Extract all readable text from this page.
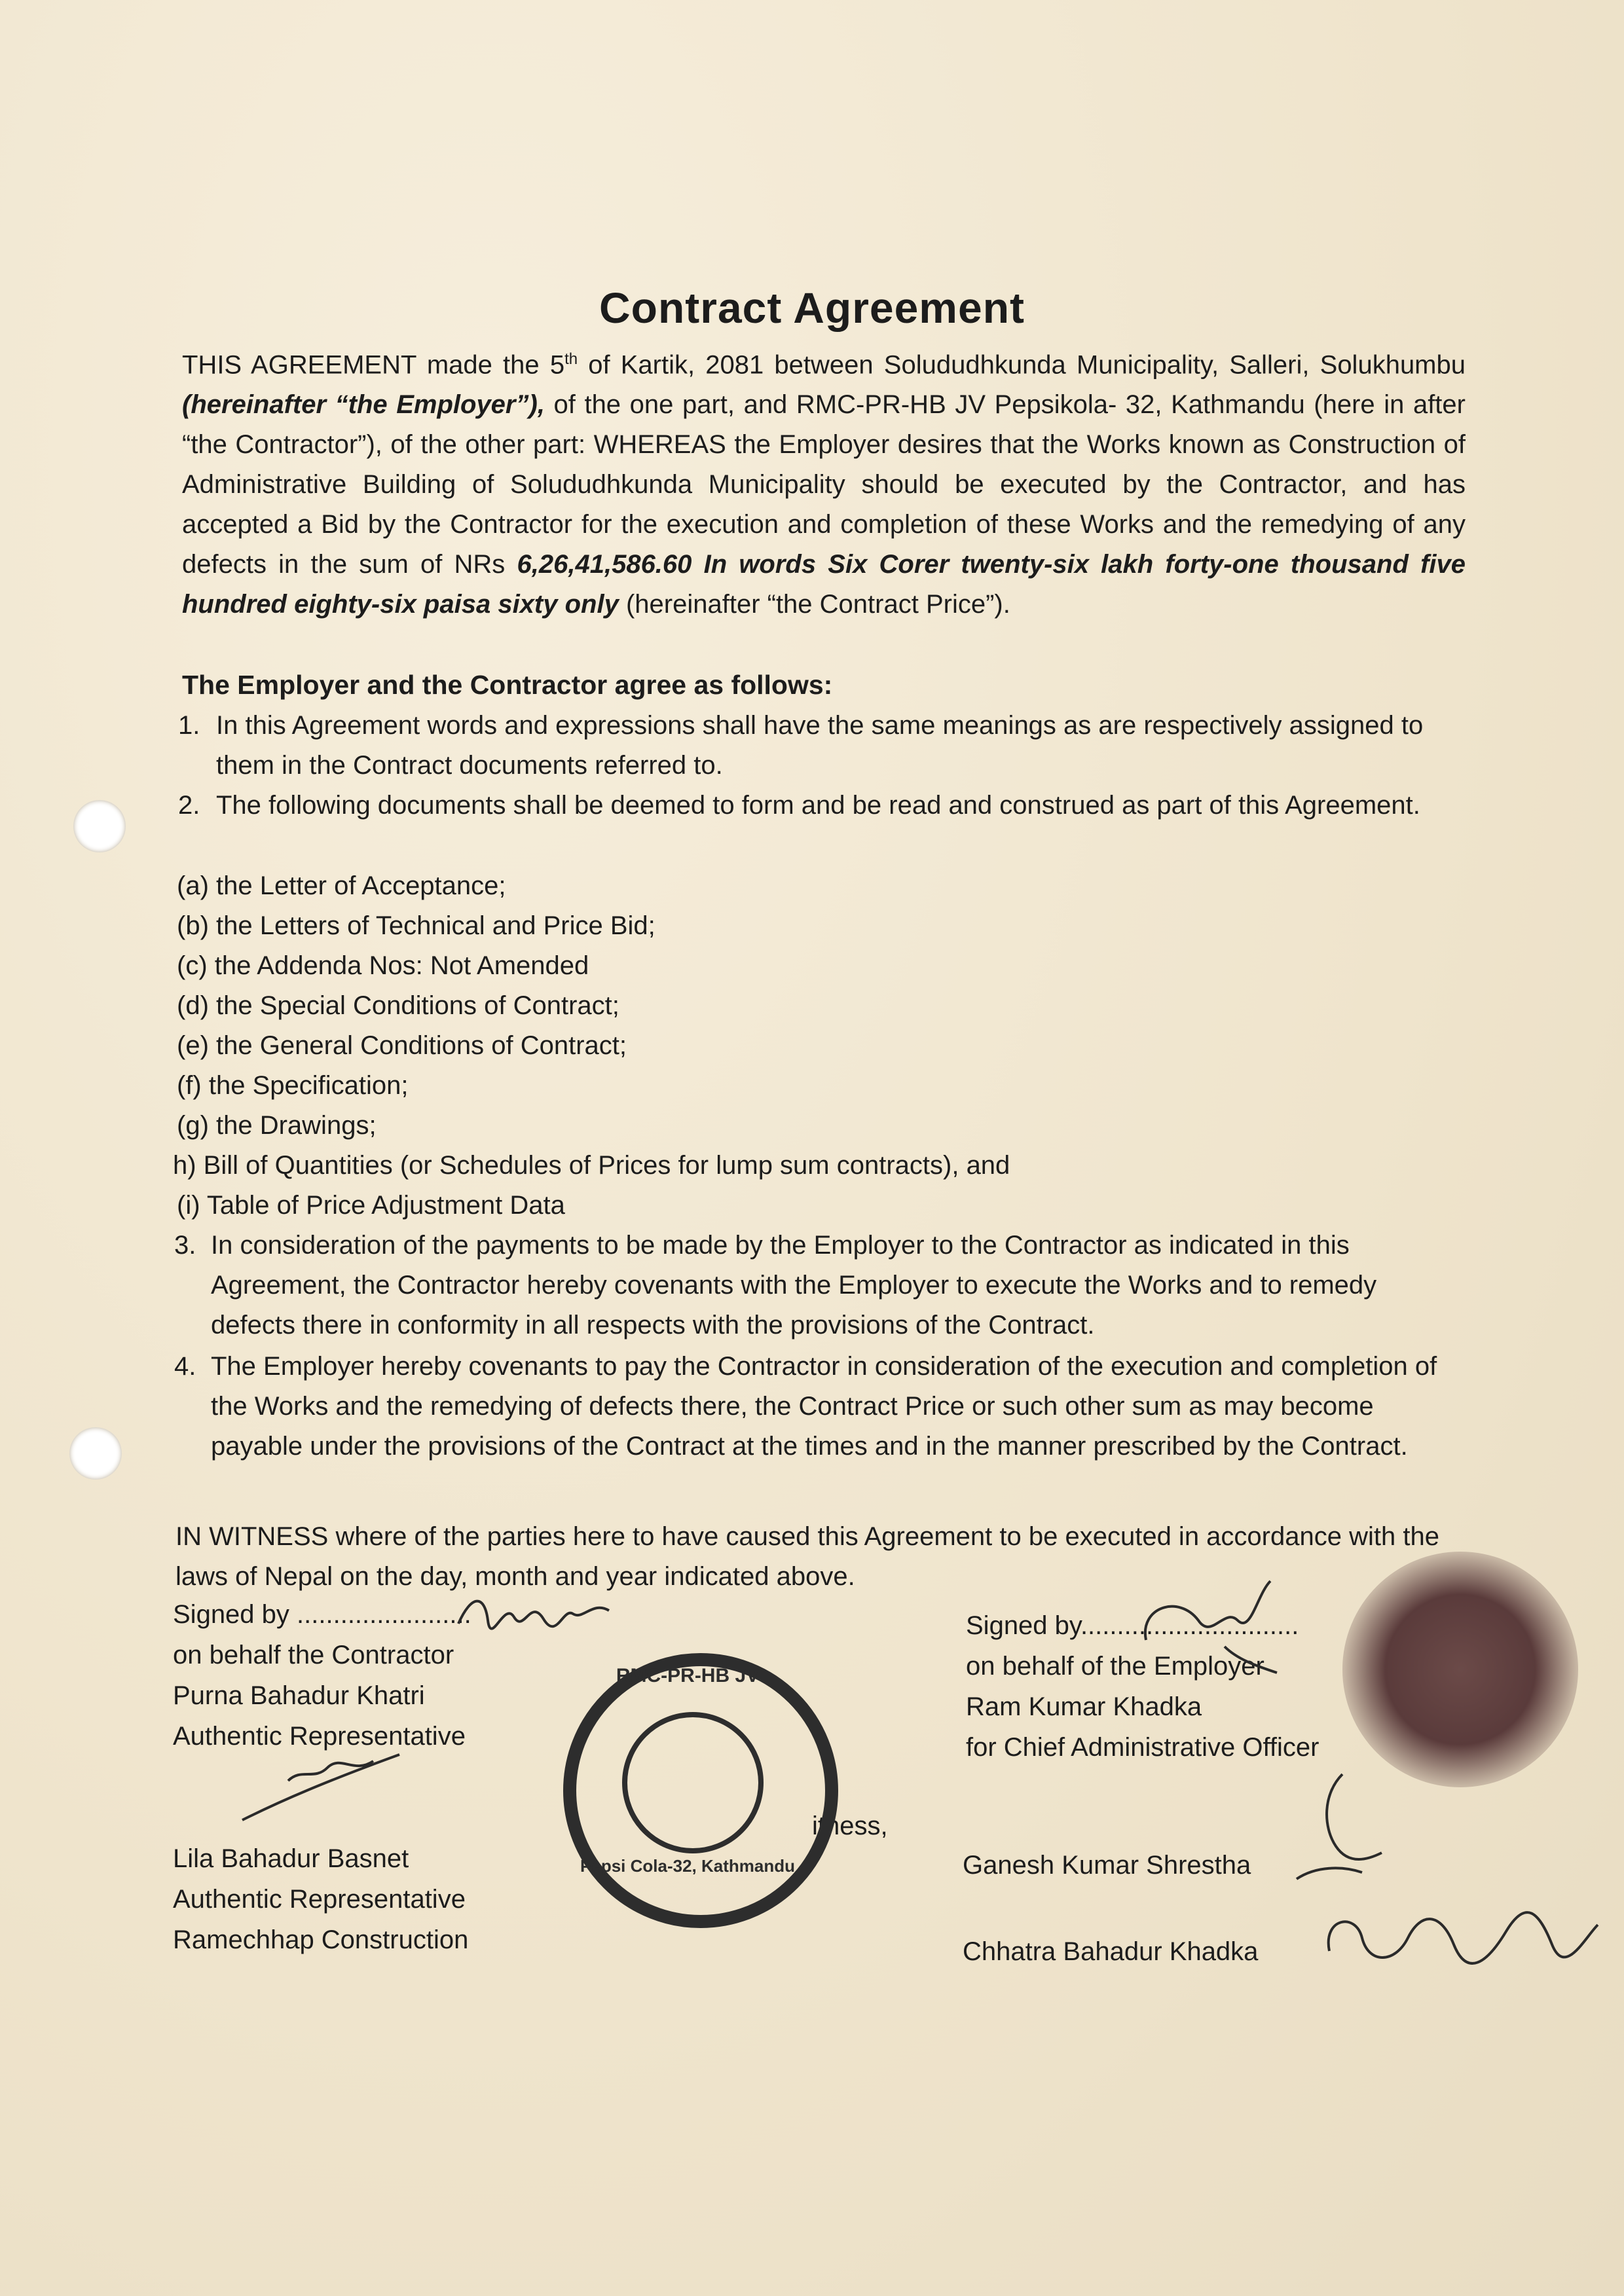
Contract Agreement
THIS AGREEMENT made the 5th of Kartik, 2081 between Solududhkunda Municipality, Salleri, Solukhumbu (hereinafter “the Employer”), of the one part, and RMC-PR-HB JV Pepsikola- 32, Kathmandu (here in after “the Contractor”), of the other part: WHEREAS the Employer desires that the Works known as Construction of Administrative Building of Solududhkunda Municipality should be executed by the Contractor, and has accepted a Bid by the Contractor for the execution and completion of these Works and the remedying of any defects in the sum of NRs 6,26,41,586.60 In words Six Corer twenty-six lakh forty-one thousand five hundred eighty-six paisa sixty only (hereinafter “the Contract Price”).
The Employer and the Contractor agree as follows:
1. In this Agreement words and expressions shall have the same meanings as are respectively assigned to them in the Contract documents referred to.
2. The following documents shall be deemed to form and be read and construed as part of this Agreement.
(a) the Letter of Acceptance;
(b) the Letters of Technical and Price Bid;
(c) the Addenda Nos: Not Amended
(d) the Special Conditions of Contract;
(e) the General Conditions of Contract;
(f) the Specification;
(g) the Drawings;
h) Bill of Quantities (or Schedules of Prices for lump sum contracts), and
(i) Table of Price Adjustment Data
3. In consideration of the payments to be made by the Employer to the Contractor as indicated in this Agreement, the Contractor hereby covenants with the Employer to execute the Works and to remedy defects there in conformity in all respects with the provisions of the Contract.
4. The Employer hereby covenants to pay the Contractor in consideration of the execution and completion of the Works and the remedying of defects there, the Contract Price or such other sum as may become payable under the provisions of the Contract at the times and in the manner prescribed by the Contract.
IN WITNESS where of the parties here to have caused this Agreement to be executed in accordance with the laws of Nepal on the day, month and year indicated above.
Signed by ........................
on behalf the Contractor
Purna Bahadur Khatri
Authentic Representative
Lila Bahadur Basnet
Authentic Representative
Ramechhap Construction
itness,
Signed by..............................
on behalf of the Employer
Ram Kumar Khadka
for Chief Administrative Officer
Ganesh Kumar Shrestha
Chhatra Bahadur Khadka
RMC-PR-HB JV
Pepsi Cola-32, Kathmandu
